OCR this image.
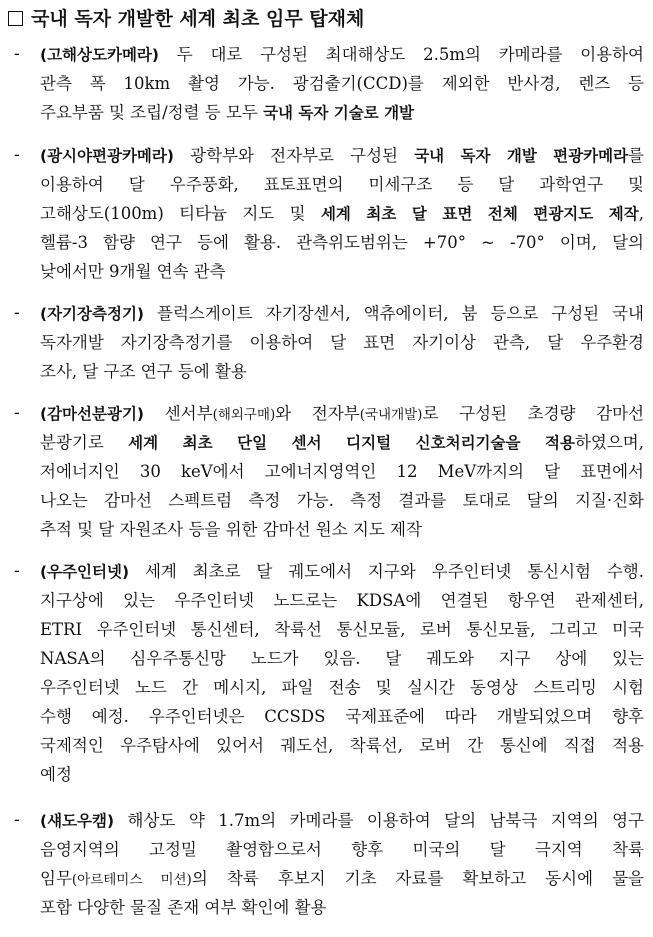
국내 독자 개발한 세계 최초 임무 탑재체
- (고해상도카메라) 두 대로 구성된 최대해상도 2.5m의 카메라를 이용하여
관측 폭 10km 촬영 가능. 광검출기(CCD)를 제외한 반사경, 렌즈 등
주요부품 및 조립/정렬 등 모두 국내 독자 기술로 개발
- (광시야편광카메라) 광학부와 전자부로 구성된 국내 독자 개발 편광카메라를
이용하여 달 우주풍화, 표토표면의 미세구조 등 달 과학연구 및
고해상도(100m) 티타늄 지도 및 세계 최초 달 표면 전체 편광지도 제작,
헬륨-3 함량 연구 등에 활용. 관측위도범위는 +70° ~ -70° 이며, 달의
낮에서만 9개월 연속 관측
- (자기장측정기) 플럭스게이트 자기장센서, 액츄에이터, 붐 등으로 구성된 국내
독자개발 자기장측정기를 이용하여 달 표면 자기이상 관측, 달 우주환경
조사, 달 구조 연구 등에 활용
- (감마선분광기) 센서부(해외구매)와 전자부(국내개발)로 구성된 초경량 감마선
분광기로 세계 최초 단일 센서 디지털 신호처리기술을 적용하였으며,
저에너지인 30 keV에서 고에너지영역인 12 MeV까지의 달 표면에서
나오는 감마선 스펙트럼 측정 가능. 측정 결과를 토대로 달의 지질·진화
추적 및 달 자원조사 등을 위한 감마선 원소 지도 제작
- (우주인터넷) 세계 최초로 달 궤도에서 지구와 우주인터넷 통신시험 수행.
지구상에 있는 우주인터넷 노드로는 KDSA에 연결된 항우연 관제센터,
ETRI 우주인터넷 통신센터, 착륙선 통신모듈, 로버 통신모듈, 그리고 미국
NASA의 심우주통신망 노드가 있음. 달 궤도와 지구 상에 있는
우주인터넷 노드 간 메시지, 파일 전송 및 실시간 동영상 스트리밍 시험
수행 예정. 우주인터넷은 CCSDS 국제표준에 따라 개발되었으며 향후
국제적인 우주탐사에 있어서 궤도선, 착륙선, 로버 간 통신에 직접 적용
예정
- (섀도우캠) 해상도 약 1.7m의 카메라를 이용하여 달의 남북극 지역의 영구
음영지역의 고정밀 촬영함으로서 향후 미국의 달 극지역 착륙
임무(아르테미스 미션)의 착륙 후보지 기초 자료를 확보하고 동시에 물을
포함 다양한 물질 존재 여부 확인에 활용
